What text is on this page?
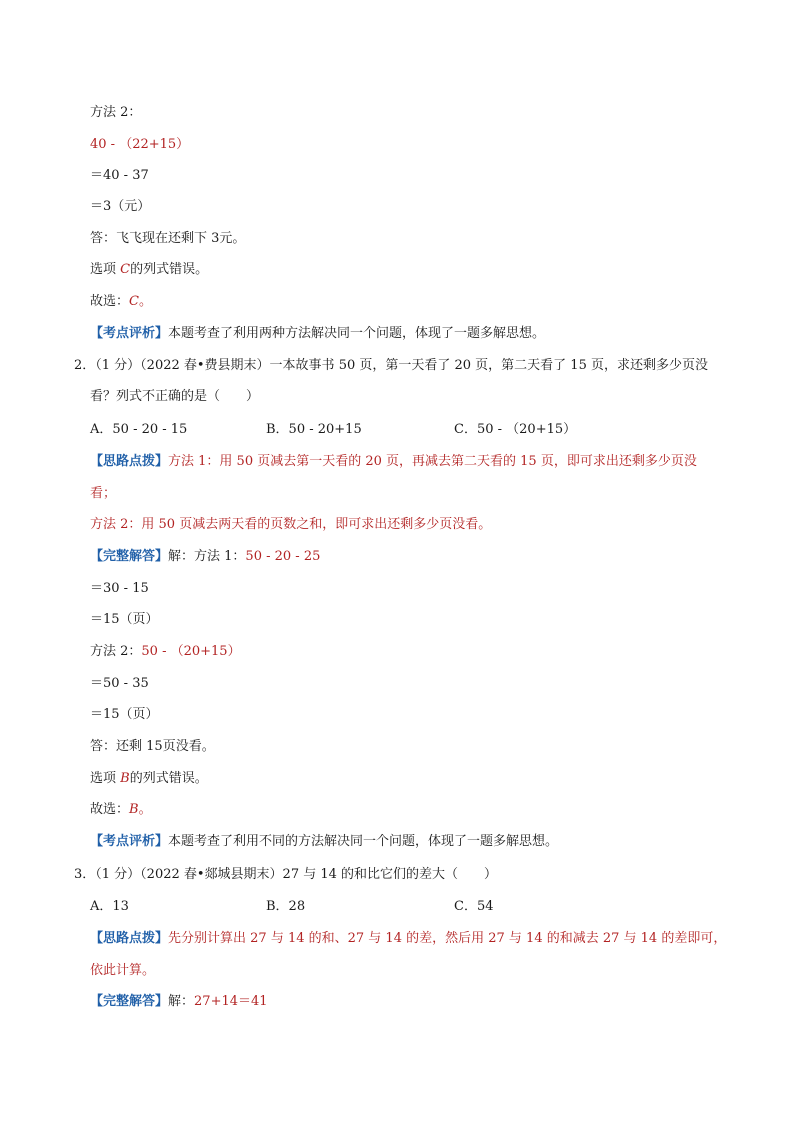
方法 2：
40 - （22+15）
＝40 - 37
＝3（元）
答：飞飞现在还剩下 3元。
选项 C的列式错误。
故选：C。
【考点评析】本题考查了利用两种方法解决同一个问题，体现了一题多解思想。
2．（1 分）（2022 春•费县期末）一本故事书 50 页，第一天看了 20 页，第二天看了 15 页，求还剩多少页没
看？列式不正确的是（　　）
A．50 - 20 - 15	B．50 - 20+15	C．50 - （20+15）
【思路点拨】方法 1：用 50 页减去第一天看的 20 页，再减去第二天看的 15 页，即可求出还剩多少页没
看；
方法 2：用 50 页减去两天看的页数之和，即可求出还剩多少页没看。
【完整解答】解：方法 1：50 - 20 - 25
＝30 - 15
＝15（页）
方法 2：50 - （20+15）
＝50 - 35
＝15（页）
答：还剩 15页没看。
选项 B的列式错误。
故选：B。
【考点评析】本题考查了利用不同的方法解决同一个问题，体现了一题多解思想。
3．（1 分）（2022 春•郯城县期末）27 与 14 的和比它们的差大（　　）
A．13	B．28	C．54
【思路点拨】先分别计算出 27 与 14 的和、27 与 14 的差，然后用 27 与 14 的和减去 27 与 14 的差即可，
依此计算。
【完整解答】解：27+14＝41
